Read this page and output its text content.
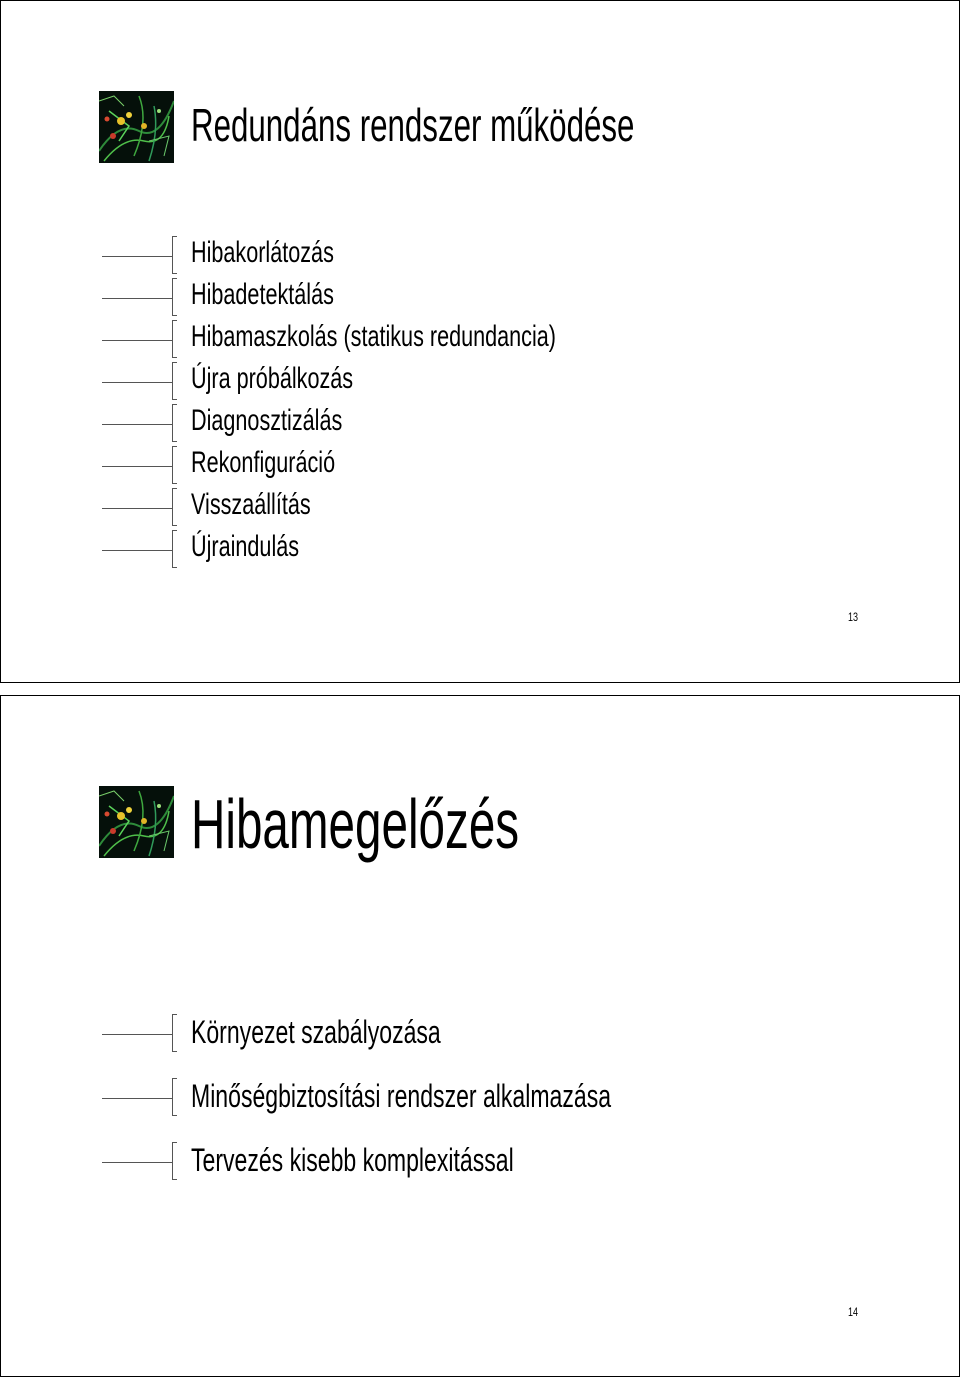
Redundáns rendszer működése
Hibakorlátozás
Hibadetektálás
Hibamaszkolás (statikus redundancia)
Újra próbálkozás
Diagnosztizálás
Rekonfiguráció
Visszaállítás
Újraindulás
13
Hibamegelőzés
Környezet szabályozása
Minőségbiztosítási rendszer alkalmazása
Tervezés kisebb komplexitással
14
